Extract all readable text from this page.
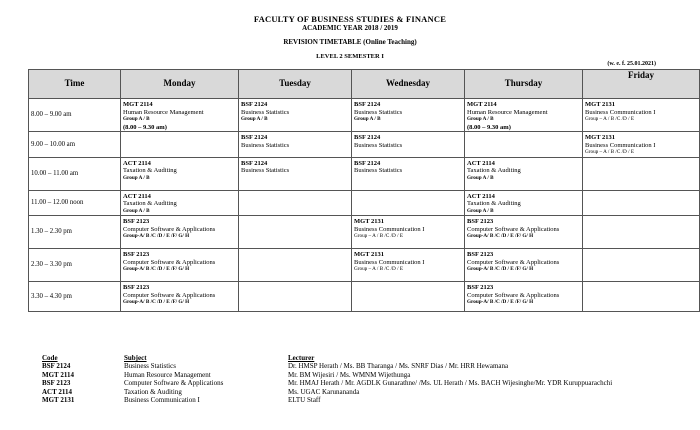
FACULTY OF BUSINESS STUDIES & FINANCE
ACADEMIC YEAR 2018 / 2019
REVISION TIMETABLE (Online Teaching)
LEVEL 2 SEMESTER I
(w. e. f. 25.01.2021)
Time	Monday	Tuesday	Wednesday	Thursday	Friday
8.00 – 9.00 am	MGT 2114
Human Resource Management
Group A / B
(8.00 – 9.30 am)	BSF 2124
Business Statistics
Group A / B	BSF 2124
Business Statistics
Group A / B	MGT 2114
Human Resource Management
Group A / B
(8.00 – 9.30 am)	MGT 2131
Business Communication I
Group – A / B /C /D / E

9.00 – 10.00 am		BSF 2124
Business Statistics	BSF 2124
Business Statistics		MGT 2131
Business Communication I
Group – A / B /C /D / E

10.00 – 11.00 am	ACT 2114
Taxation & Auditing
Group A / B	BSF 2124
Business Statistics	BSF 2124
Business Statistics	ACT 2114
Taxation & Auditing
Group A / B	

11.00 – 12.00 noon	ACT 2114
Taxation & Auditing
Group A / B			ACT 2114
Taxation & Auditing
Group A / B	

1.30 – 2.30 pm	BSF 2123
Computer Software & Applications
Group-A/ B /C /D / E /F/ G/ H		MGT 2131
Business Communication I
Group – A / B /C /D / E	BSF 2123
Computer Software & Applications
Group-A/ B /C /D / E /F/ G/ H	

2.30 – 3.30 pm	BSF 2123
Computer Software & Applications
Group-A/ B /C /D / E /F/ G/ H		MGT 2131
Business Communication I
Group – A / B /C /D / E	BSF 2123
Computer Software & Applications
Group-A/ B /C /D / E /F/ G/ H	

3.30 – 4.30 pm	BSF 2123
Computer Software & Applications
Group-A/ B /C /D / E /F/ G/ H			BSF 2123
Computer Software & Applications
Group-A/ B /C /D / E /F/ G/ H	

Code	Subject	Lecturer
BSF 2124	Business Statistics	Dr. HMSP Herath / Ms. BB Tharanga / Ms. SNRF Dias / Mr. HRR Hewamana
MGT 2114	Human Resource Management	Mr. BM Wijesiri / Ms. WMNM Wijethunga
BSF 2123	Computer Software & Applications	Mr. HMAJ Herath / Mr. AGDLK Gunarathne/ /Ms. UL Herath / Ms. BACH Wijesinghe/Mr. YDR Kuruppuarachchi
ACT 2114	Taxation & Auditing	Ms. UGAC Karunananda
MGT 2131	Business Communication I	ELTU Staff
